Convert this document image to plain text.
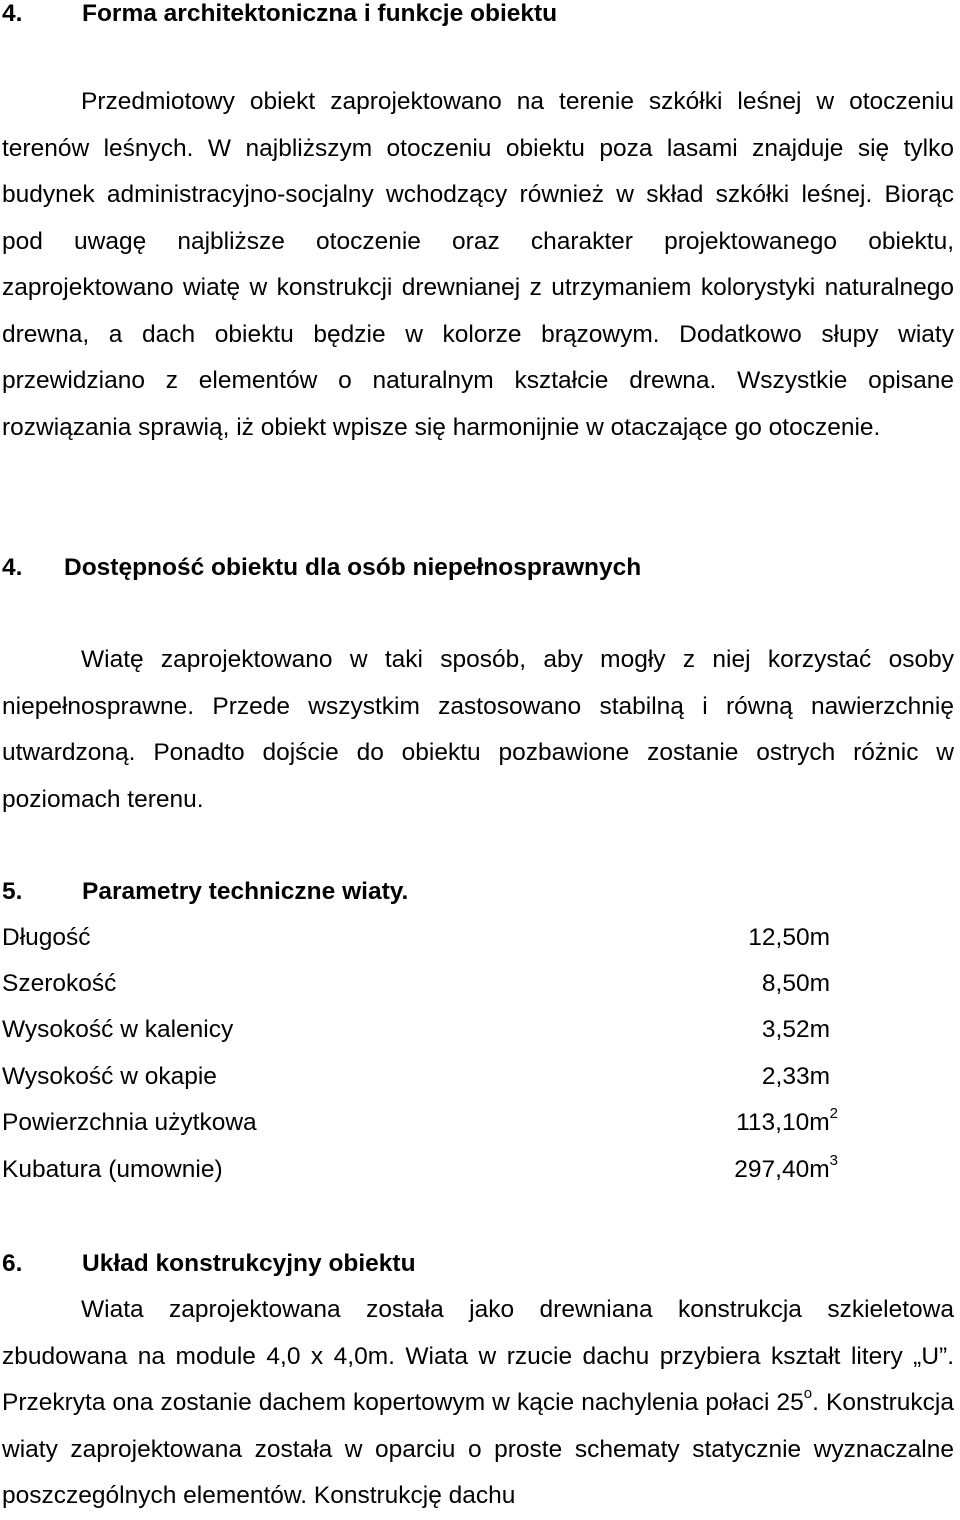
4. Forma architektoniczna i funkcje obiektu
Przedmiotowy obiekt zaprojektowano na terenie szkółki leśnej w otoczeniu terenów leśnych. W najbliższym otoczeniu obiektu poza lasami znajduje się tylko budynek administracyjno-socjalny wchodzący również w skład szkółki leśnej. Biorąc pod uwagę najbliższe otoczenie oraz charakter projektowanego obiektu, zaprojektowano wiatę w konstrukcji drewnianej z utrzymaniem kolorystyki naturalnego drewna, a dach obiektu będzie w kolorze brązowym. Dodatkowo słupy wiaty przewidziano z elementów o naturalnym kształcie drewna. Wszystkie opisane rozwiązania sprawią, iż obiekt wpisze się harmonijnie w otaczające go otoczenie.
4. Dostępność obiektu dla osób niepełnosprawnych
Wiatę zaprojektowano w taki sposób, aby mogły z niej korzystać osoby niepełnosprawne. Przede wszystkim zastosowano stabilną i równą nawierzchnię utwardzoną. Ponadto dojście do obiektu pozbawione zostanie ostrych różnic w poziomach terenu.
5. Parametry techniczne wiaty.
Długość	12,50m
Szerokość	8,50m
Wysokość w kalenicy	3,52m
Wysokość w okapie	2,33m
Powierzchnia użytkowa	$113,10m^2$
Kubatura (umownie)	$297,40m^3$
6. Układ konstrukcyjny obiektu
Wiata zaprojektowana została jako drewniana konstrukcja szkieletowa zbudowana na module 4,0 x 4,0m. Wiata w rzucie dachu przybiera kształt litery „U”. Przekryta ona zostanie dachem kopertowym w kącie nachylenia połaci 25$^o$. Konstrukcja wiaty zaprojektowana została w oparciu o proste schematy statycznie wyznaczalne poszczególnych elementów. Konstrukcję dachu
